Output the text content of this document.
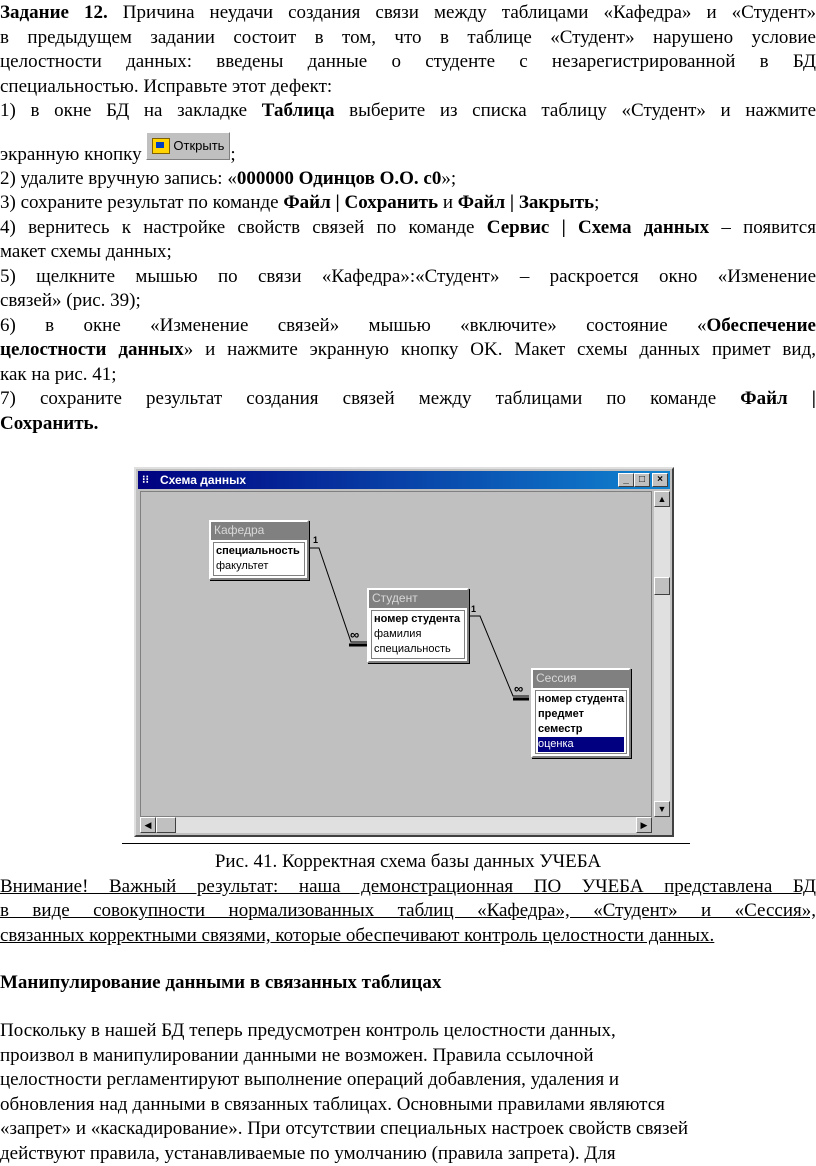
Задание 12. Причина неудачи создания связи между таблицами «Кафедра» и «Студент»
в предыдущем задании состоит в том, что в таблице «Студент» нарушено условие
целостности данных: введены данные о студенте с незарегистрированной в БД
специальностью. Исправьте этот дефект:
1) в окне БД на закладке Таблица выберите из списка таблицу «Студент» и нажмите
экранную кнопку Открыть ;
2) удалите вручную запись: «000000 Одинцов О.О. с0»;
3) сохраните результат по команде Файл | Сохранить и Файл | Закрыть;
4) вернитесь к настройке свойств связей по команде Сервис | Схема данных – появится
макет схемы данных;
5) щелкните мышью по связи «Кафедра»:«Студент» – раскроется окно «Изменение
связей» (рис. 39);
6) в окне «Изменение связей» мышью «включите» состояние «Обеспечение
целостности данных» и нажмите экранную кнопку OK. Макет схемы данных примет вид,
как на рис. 41;
7) сохраните результат создания связей между таблицами по команде Файл |
Сохранить.
⁝⁝ Схема данных	_	□	×
1
∞
1
∞
Кафедра
специальность
факультет
Студент
номер студента
фамилия
специальность
Сессия
номер студента
предмет
семестр
оценка
▲
▼
◀	▶
Рис. 41. Корректная схема базы данных УЧЕБА
Внимание! Важный результат: наша демонстрационная ПО УЧЕБА представлена БД
в виде совокупности нормализованных таблиц «Кафедра», «Студент» и «Сессия»,
связанных корректными связями, которые обеспечивают контроль целостности данных.
Манипулирование данными в связанных таблицах
Поскольку в нашей БД теперь предусмотрен контроль целостности данных,
произвол в манипулировании данными не возможен. Правила ссылочной
целостности регламентируют выполнение операций добавления, удаления и
обновления над данными в связанных таблицах. Основными правилами являются
«запрет» и «каскадирование». При отсутствии специальных настроек свойств связей
действуют правила, устанавливаемые по умолчанию (правила запрета). Для
